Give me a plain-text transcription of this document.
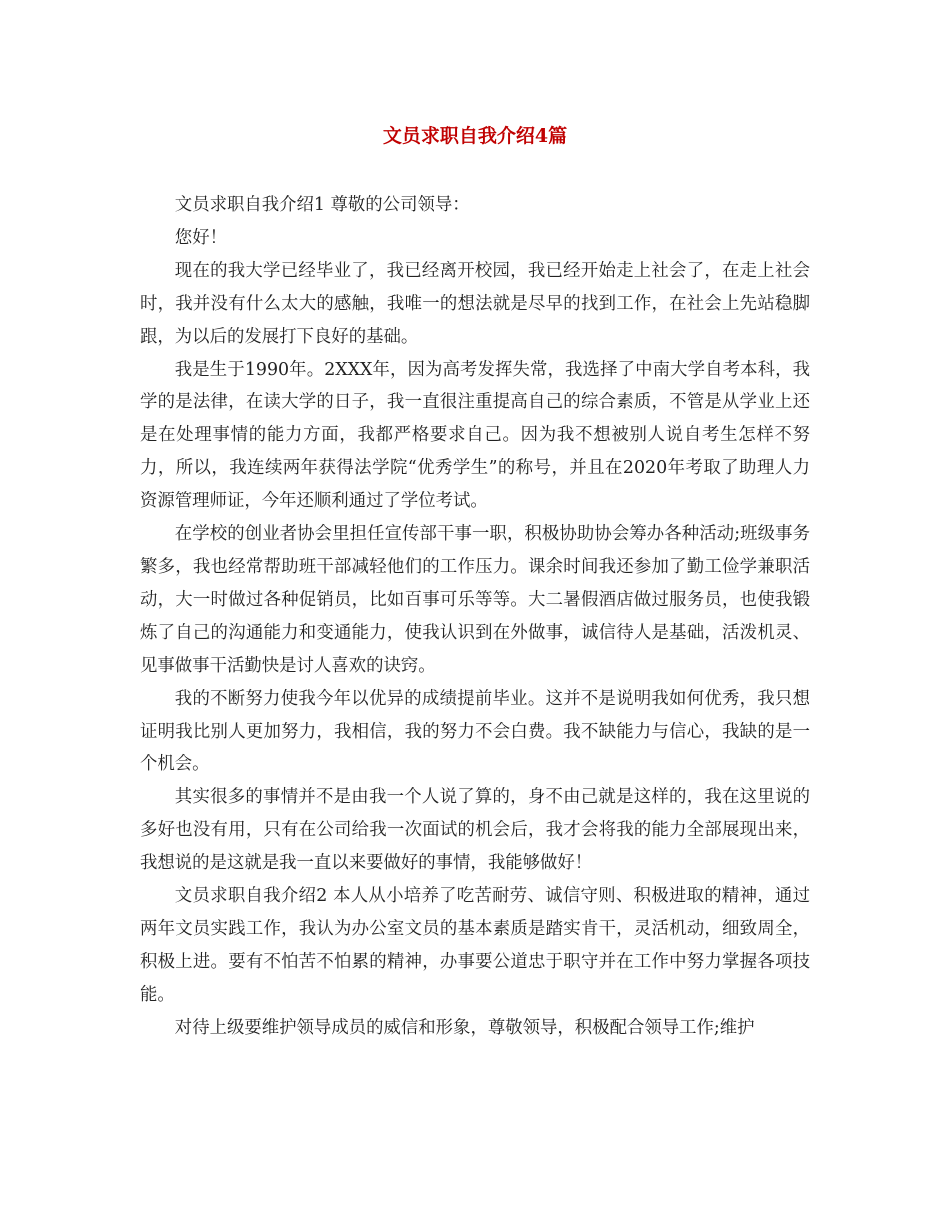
文员求职自我介绍4篇

文员求职自我介绍1 尊敬的公司领导：

您好！

现在的我大学已经毕业了，我已经离开校园，我已经开始走上社会了，在走上社会时，我并没有什么太大的感触，我唯一的想法就是尽早的找到工作，在社会上先站稳脚跟，为以后的发展打下良好的基础。

我是生于1990年。2XXX年，因为高考发挥失常，我选择了中南大学自考本科，我学的是法律，在读大学的日子，我一直很注重提高自己的综合素质，不管是从学业上还是在处理事情的能力方面，我都严格要求自己。因为我不想被别人说自考生怎样不努力，所以，我连续两年获得法学院“优秀学生”的称号，并且在2020年考取了助理人力资源管理师证，今年还顺利通过了学位考试。

在学校的创业者协会里担任宣传部干事一职，积极协助协会筹办各种活动;班级事务繁多，我也经常帮助班干部减轻他们的工作压力。课余时间我还参加了勤工俭学兼职活动，大一时做过各种促销员，比如百事可乐等等。大二暑假酒店做过服务员，也使我锻炼了自己的沟通能力和变通能力，使我认识到在外做事，诚信待人是基础，活泼机灵、见事做事干活勤快是讨人喜欢的诀窍。

我的不断努力使我今年以优异的成绩提前毕业。这并不是说明我如何优秀，我只想证明我比别人更加努力，我相信，我的努力不会白费。我不缺能力与信心，我缺的是一个机会。

其实很多的事情并不是由我一个人说了算的，身不由己就是这样的，我在这里说的多好也没有用，只有在公司给我一次面试的机会后，我才会将我的能力全部展现出来，我想说的是这就是我一直以来要做好的事情，我能够做好！

文员求职自我介绍2 本人从小培养了吃苦耐劳、诚信守则、积极进取的精神，通过两年文员实践工作，我认为办公室文员的基本素质是踏实肯干，灵活机动，细致周全，积极上进。要有不怕苦不怕累的精神，办事要公道忠于职守并在工作中努力掌握各项技能。

对待上级要维护领导成员的威信和形象，尊敬领导，积极配合领导工作;维护
